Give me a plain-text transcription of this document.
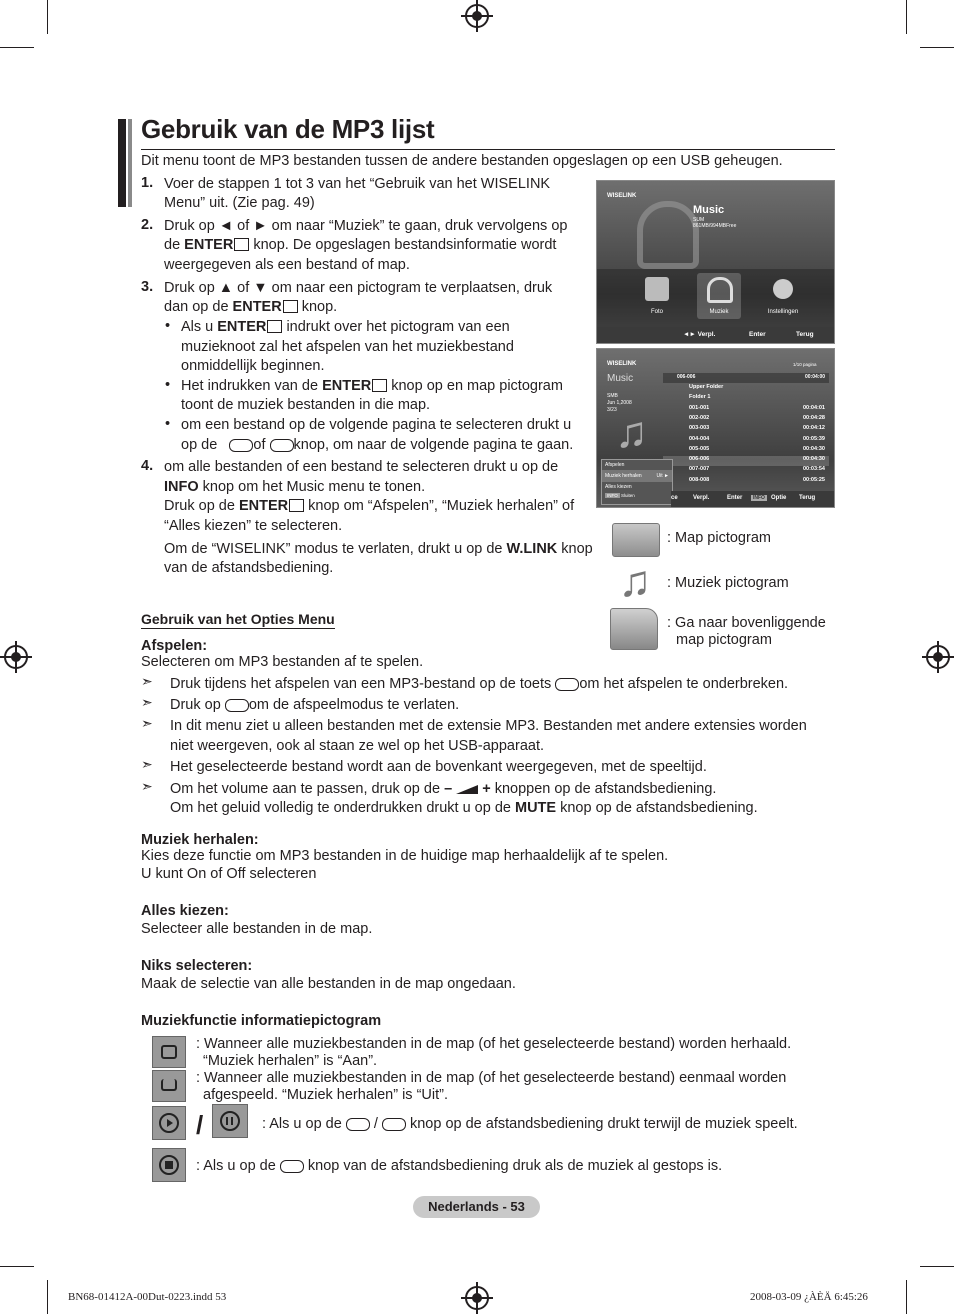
Gebruik van de MP3 lijst
Dit menu toont de MP3 bestanden tussen de andere bestanden opgeslagen op een USB geheugen.
1. Voer de stappen 1 tot 3 van het “Gebruik van het WISELINK
Menu” uit. (Zie pag. 49)
2. Druk op ◄ of ► om naar “Muziek” te gaan, druk vervolgens op
de ENTER knop. De opgeslagen bestandsinformatie wordt
weergegeven als een bestand of map.
3. Druk op ▲ of ▼ om naar een pictogram te verplaatsen, druk
dan op de ENTER knop.
• Als u ENTER indrukt over het pictogram van een
muzieknoot zal het afspelen van het muziekbestand
onmiddellijk beginnen.
• Het indrukken van de ENTER knop op en map pictogram
toont de muziek bestanden in die map.
• om een bestand op de volgende pagina te selecteren drukt u
op de of knop, om naar de volgende pagina te gaan.
4. om alle bestanden of een bestand te selecteren drukt u op de
INFO knop om het Music menu te tonen.
Druk op de ENTER knop om “Afspelen”, “Muziek herhalen” of
“Alles kiezen” te selecteren.
Om de “WISELINK” modus te verlaten, drukt u op de W.LINK knop
van de afstandsbediening.
WISELINK
Music
SUM
861MB/994MBFree
Foto	Muziek	Instellingen
◄► Verpl.	Enter	Terug
WISELINK
Music
SMB
Jun 1,2008
3/23
♫
1/10 pagina
006-006	00:04:00
Upper Folder
Folder 1
001-001	00:04:01
002-002	00:04:28
003-003	00:04:12
004-004	00:05:39
005-005	00:04:30
006-006	00:04:30
007-007	00:03:54
008-008	00:05:25
Afspelen
Muziek herhalen	Uit ►
Alles kiezen
INFO Sluiten	ce	Verpl.	Enter	INFO	Optie Terug
: Map pictogram
♫	: Muziek pictogram
: Ga naar bovenliggende
map pictogram
Gebruik van het Opties Menu
Afspelen:
Selecteren om MP3 bestanden af te spelen.
➣ Druk tijdens het afspelen van een MP3-bestand op de toets om het afspelen te onderbreken.
➣ Druk op om de afspeelmodus te verlaten.
➣ In dit menu ziet u alleen bestanden met de extensie MP3. Bestanden met andere extensies worden
niet weergeven, ook al staan ze wel op het USB-apparaat.
➣ Het geselecteerde bestand wordt aan de bovenkant weergegeven, met de speeltijd.
➣ Om het volume aan te passen, druk op de – + knoppen op de afstandsbediening.
Om het geluid volledig te onderdrukken drukt u op de MUTE knop op de afstandsbediening.
Muziek herhalen:
Kies deze functie om MP3 bestanden in de huidige map herhaaldelijk af te spelen.
U kunt On of Off selecteren
Alles kiezen:
Selecteer alle bestanden in de map.
Niks selecteren:
Maak de selectie van alle bestanden in de map ongedaan.
Muziekfunctie informatiepictogram
: Wanneer alle muziekbestanden in de map (of het geselecteerde bestand) worden herhaald.
“Muziek herhalen” is “Aan”.
: Wanneer alle muziekbestanden in de map (of het geselecteerde bestand) eenmaal worden
afgespeeld. “Muziek herhalen” is “Uit”.
/	: Als u op de / knop op de afstandsbediening drukt terwijl de muziek speelt.
: Als u op de knop van de afstandsbediening druk als de muziek al gestops is.
Nederlands - 53
BN68-01412A-00Dut-0223.indd 53	2008-03-09 ¿ÀÈÄ 6:45:26
